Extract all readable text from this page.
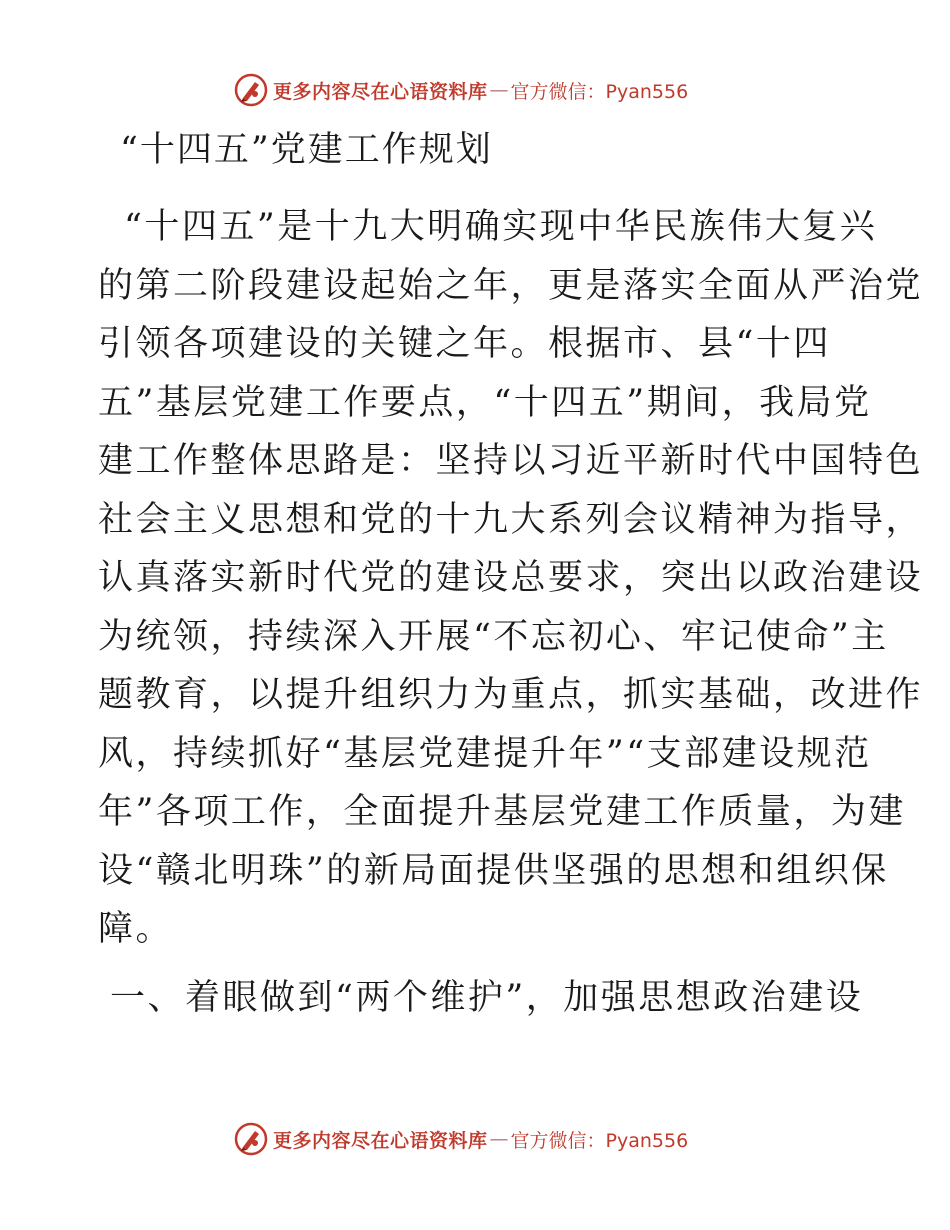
更多内容尽在心语资料库 — 官方微信：Pyan556
“十四五”党建工作规划

“十四五”是十九大明确实现中华民族伟大复兴
的第二阶段建设起始之年，更是落实全面从严治党
引领各项建设的关键之年。根据市、县“十四
五”基层党建工作要点，“十四五”期间，我局党
建工作整体思路是：坚持以习近平新时代中国特色
社会主义思想和党的十九大系列会议精神为指导，
认真落实新时代党的建设总要求，突出以政治建设
为统领，持续深入开展“不忘初心、牢记使命”主
题教育，以提升组织力为重点，抓实基础，改进作
风，持续抓好“基层党建提升年”“支部建设规范
年”各项工作，全面提升基层党建工作质量，为建
设“赣北明珠”的新局面提供坚强的思想和组织保
障。

一、着眼做到“两个维护”，加强思想政治建设
更多内容尽在心语资料库 — 官方微信：Pyan556
